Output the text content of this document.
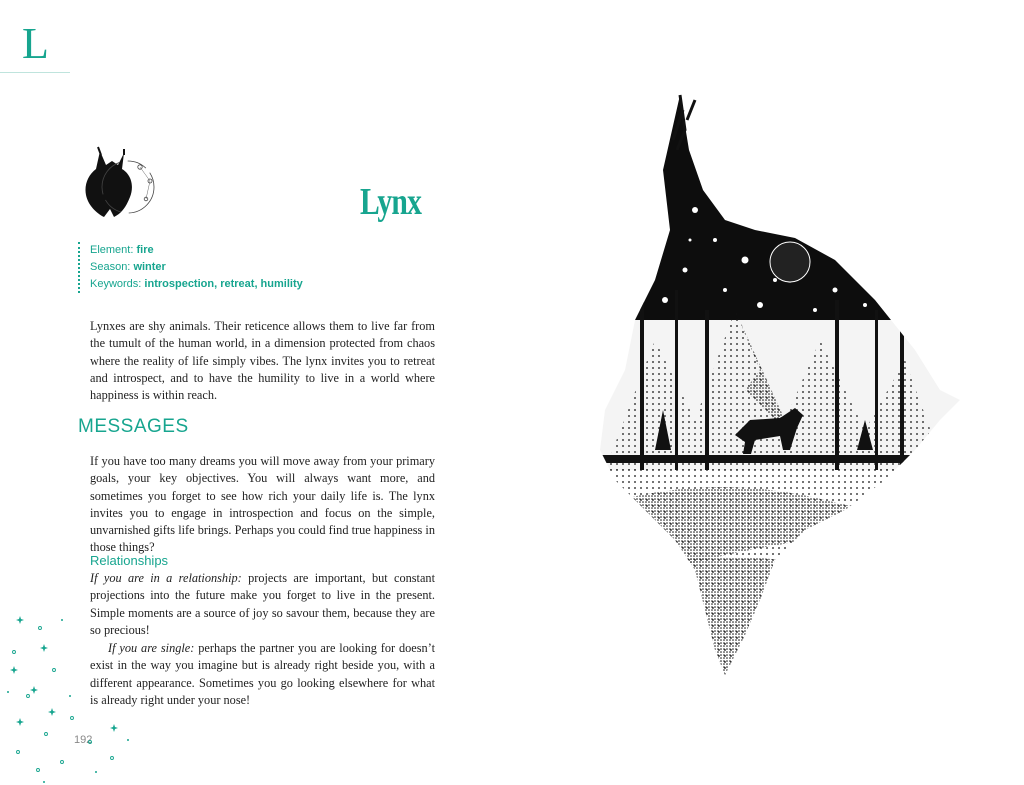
L
Lynx
Element: fire
Season: winter
Keywords: introspection, retreat, humility

Lynxes are shy animals. Their reticence allows them to live far from the tumult of the human world, in a dimension protected from chaos where the reality of life simply vibes. The lynx invites you to retreat and introspect, and to have the humility to live in a world where happiness is within reach.

MESSAGES

If you have too many dreams you will move away from your primary goals, your key objectives. You will always want more, and sometimes you forget to see how rich your daily life is. The lynx invites you to engage in introspection and focus on the simple, unvarnished gifts life brings. Perhaps you could find true happiness in those things?

Relationships

If you are in a relationship: projects are important, but constant projections into the future make you forget to live in the present. Simple moments are a source of joy so savour them, because they are so precious!

If you are single: perhaps the partner you are looking for doesn’t exist in the way you imagine but is already right beside you, with a different appearance. Sometimes you go looking elsewhere for what is already right under your nose!

192
